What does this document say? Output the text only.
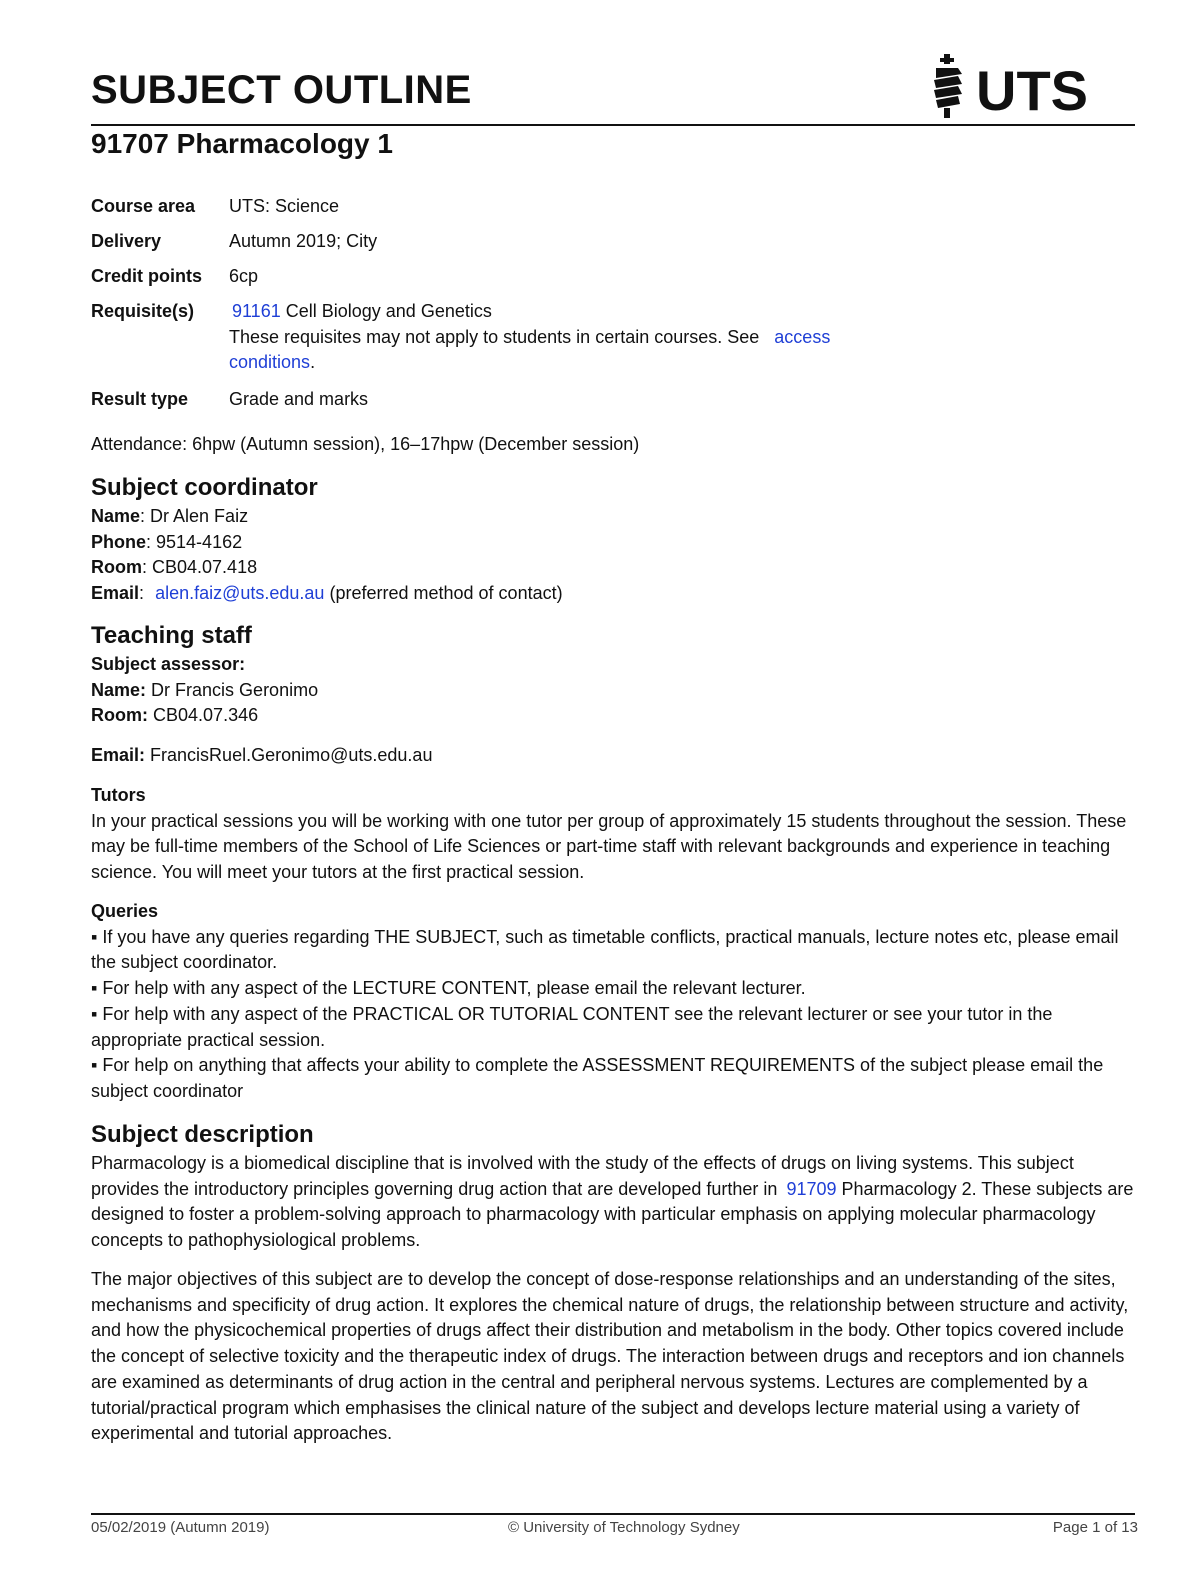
SUBJECT OUTLINE	UTS
91707 Pharmacology 1
Course area	UTS: Science
Delivery	Autumn 2019; City
Credit points	6cp
Requisite(s)	91161 Cell Biology and Genetics
These requisites may not apply to students in certain courses. See access
conditions.
Result type	Grade and marks
Attendance: 6hpw (Autumn session), 16–17hpw (December session)
Subject coordinator
Name: Dr Alen Faiz
Phone: 9514-4162
Room: CB04.07.418
Email: alen.faiz@uts.edu.au (preferred method of contact)
Teaching staff
Subject assessor:
Name: Dr Francis Geronimo
Room: CB04.07.346
Email: FrancisRuel.Geronimo@uts.edu.au
Tutors
In your practical sessions you will be working with one tutor per group of approximately 15 students throughout the session. These may be full-time members of the School of Life Sciences or part-time staff with relevant backgrounds and experience in teaching science. You will meet your tutors at the first practical session.
Queries
▪ If you have any queries regarding THE SUBJECT, such as timetable conflicts, practical manuals, lecture notes etc, please email the subject coordinator.
▪ For help with any aspect of the LECTURE CONTENT, please email the relevant lecturer.
▪ For help with any aspect of the PRACTICAL OR TUTORIAL CONTENT see the relevant lecturer or see your tutor in the appropriate practical session.
▪ For help on anything that affects your ability to complete the ASSESSMENT REQUIREMENTS of the subject please email the subject coordinator
Subject description
Pharmacology is a biomedical discipline that is involved with the study of the effects of drugs on living systems. This subject provides the introductory principles governing drug action that are developed further in 91709 Pharmacology 2. These subjects are designed to foster a problem-solving approach to pharmacology with particular emphasis on applying molecular pharmacology concepts to pathophysiological problems.
The major objectives of this subject are to develop the concept of dose-response relationships and an understanding of the sites, mechanisms and specificity of drug action. It explores the chemical nature of drugs, the relationship between structure and activity, and how the physicochemical properties of drugs affect their distribution and metabolism in the body. Other topics covered include the concept of selective toxicity and the therapeutic index of drugs. The interaction between drugs and receptors and ion channels are examined as determinants of drug action in the central and peripheral nervous systems. Lectures are complemented by a tutorial/practical program which emphasises the clinical nature of the subject and develops lecture material using a variety of experimental and tutorial approaches.
05/02/2019 (Autumn 2019)	© University of Technology Sydney	Page 1 of 13
